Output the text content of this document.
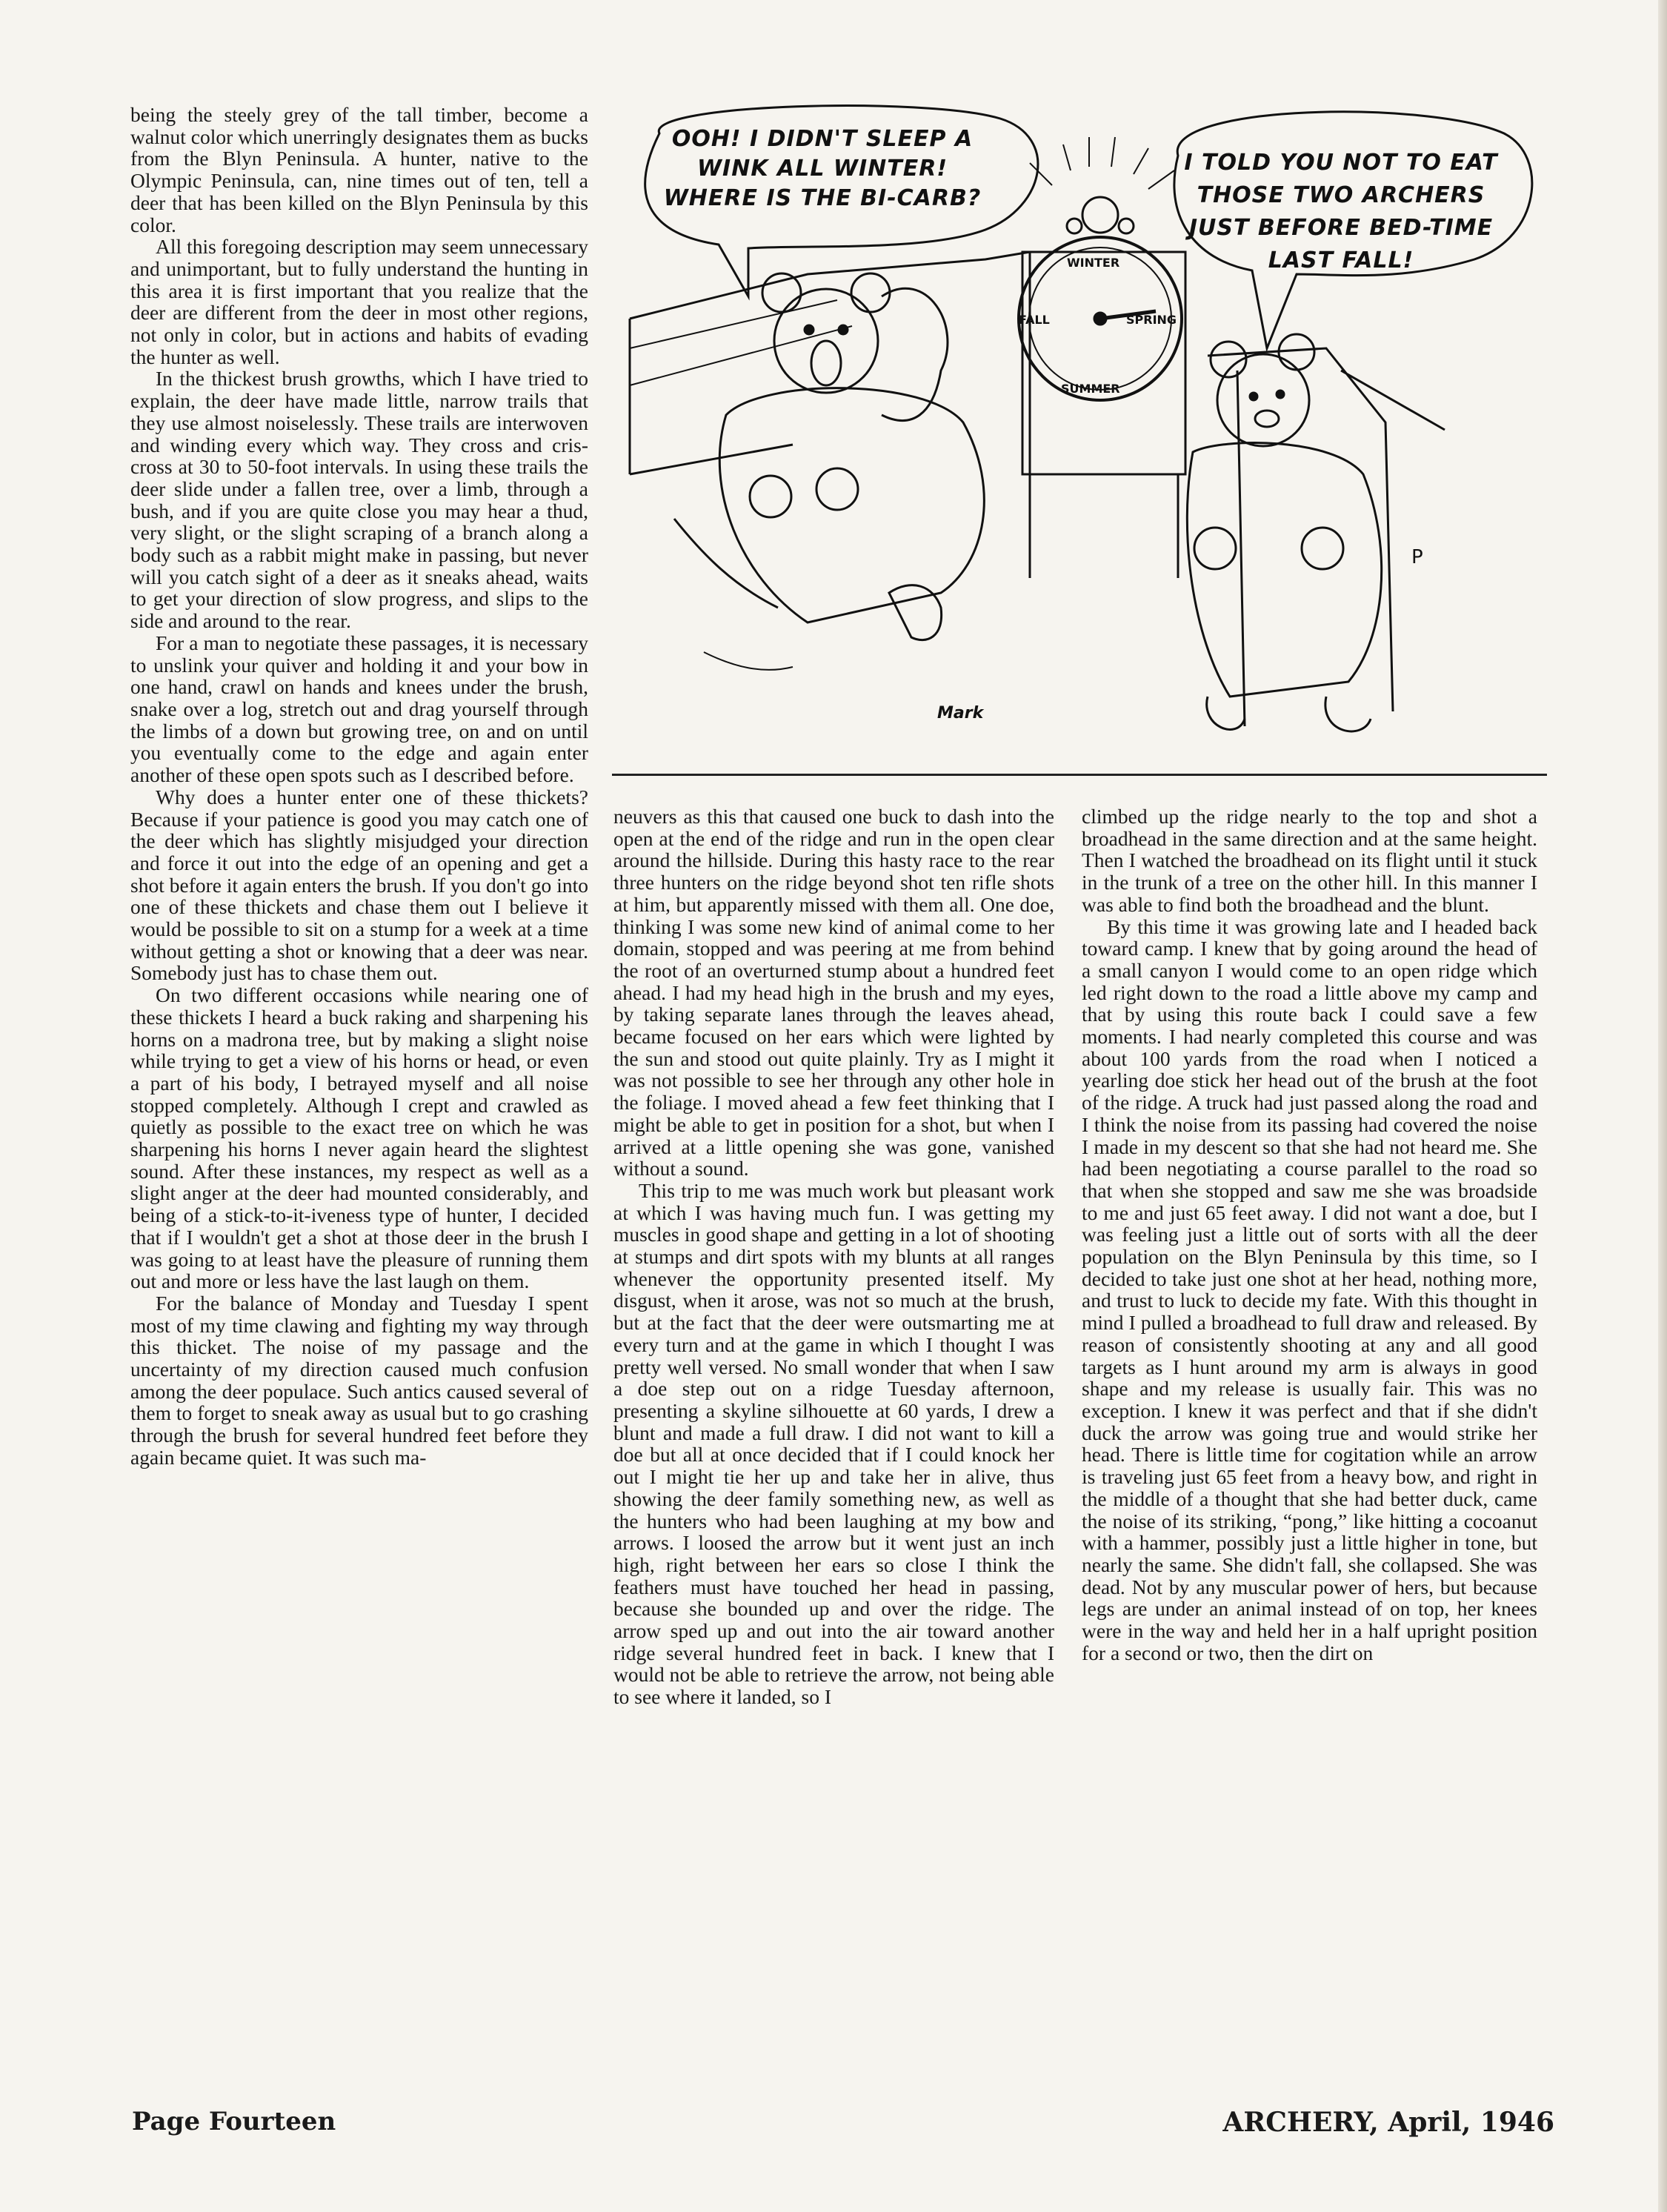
being the steely grey of the tall timber, become a walnut color which unerringly designates them as bucks from the Blyn Peninsula. A hunter, native to the Olympic Peninsula, can, nine times out of ten, tell a deer that has been killed on the Blyn Peninsula by this color.

All this foregoing description may seem unnecessary and unimportant, but to fully understand the hunting in this area it is first important that you realize that the deer are different from the deer in most other regions, not only in color, but in actions and habits of evading the hunter as well.

In the thickest brush growths, which I have tried to explain, the deer have made little, narrow trails that they use almost noiselessly. These trails are interwoven and winding every which way. They cross and cris-cross at 30 to 50-foot intervals. In using these trails the deer slide under a fallen tree, over a limb, through a bush, and if you are quite close you may hear a thud, very slight, or the slight scraping of a branch along a body such as a rabbit might make in passing, but never will you catch sight of a deer as it sneaks ahead, waits to get your direction of slow progress, and slips to the side and around to the rear.

For a man to negotiate these passages, it is necessary to unslink your quiver and holding it and your bow in one hand, crawl on hands and knees under the brush, snake over a log, stretch out and drag yourself through the limbs of a down but growing tree, on and on until you eventually come to the edge and again enter another of these open spots such as I described before.

Why does a hunter enter one of these thickets? Because if your patience is good you may catch one of the deer which has slightly misjudged your direction and force it out into the edge of an opening and get a shot before it again enters the brush. If you don't go into one of these thickets and chase them out I believe it would be possible to sit on a stump for a week at a time without getting a shot or knowing that a deer was near. Somebody just has to chase them out.

On two different occasions while nearing one of these thickets I heard a buck raking and sharpening his horns on a madrona tree, but by making a slight noise while trying to get a view of his horns or head, or even a part of his body, I betrayed myself and all noise stopped completely. Although I crept and crawled as quietly as possible to the exact tree on which he was sharpening his horns I never again heard the slightest sound. After these instances, my respect as well as a slight anger at the deer had mounted considerably, and being of a stick-to-it-iveness type of hunter, I decided that if I wouldn't get a shot at those deer in the brush I was going to at least have the pleasure of running them out and more or less have the last laugh on them.

For the balance of Monday and Tuesday I spent most of my time clawing and fighting my way through this thicket. The noise of my passage and the uncertainty of my direction caused much confusion among the deer populace. Such antics caused several of them to forget to sneak away as usual but to go crashing through the brush for several hundred feet before they again became quiet. It was such ma-

P
OOH! I DIDN'T SLEEP A WINK ALL WINTER! WHERE IS THE BI-CARB?
I TOLD YOU NOT TO EAT THOSE TWO ARCHERS JUST BEFORE BED-TIME LAST FALL!
WINTER
FALL	SPRING
SUMMER
Mark

neuvers as this that caused one buck to dash into the open at the end of the ridge and run in the open clear around the hillside. During this hasty race to the rear three hunters on the ridge beyond shot ten rifle shots at him, but apparently missed with them all. One doe, thinking I was some new kind of animal come to her domain, stopped and was peering at me from behind the root of an overturned stump about a hundred feet ahead. I had my head high in the brush and my eyes, by taking separate lanes through the leaves ahead, became focused on her ears which were lighted by the sun and stood out quite plainly. Try as I might it was not possible to see her through any other hole in the foliage. I moved ahead a few feet thinking that I might be able to get in position for a shot, but when I arrived at a little opening she was gone, vanished without a sound.

This trip to me was much work but pleasant work at which I was having much fun. I was getting my muscles in good shape and getting in a lot of shooting at stumps and dirt spots with my blunts at all ranges whenever the opportunity presented itself. My disgust, when it arose, was not so much at the brush, but at the fact that the deer were outsmarting me at every turn and at the game in which I thought I was pretty well versed. No small wonder that when I saw a doe step out on a ridge Tuesday afternoon, presenting a skyline silhouette at 60 yards, I drew a blunt and made a full draw. I did not want to kill a doe but all at once decided that if I could knock her out I might tie her up and take her in alive, thus showing the deer family something new, as well as the hunters who had been laughing at my bow and arrows. I loosed the arrow but it went just an inch high, right between her ears so close I think the feathers must have touched her head in passing, because she bounded up and over the ridge. The arrow sped up and out into the air toward another ridge several hundred feet in back. I knew that I would not be able to retrieve the arrow, not being able to see where it landed, so I

climbed up the ridge nearly to the top and shot a broadhead in the same direction and at the same height. Then I watched the broadhead on its flight until it stuck in the trunk of a tree on the other hill. In this manner I was able to find both the broadhead and the blunt.

By this time it was growing late and I headed back toward camp. I knew that by going around the head of a small canyon I would come to an open ridge which led right down to the road a little above my camp and that by using this route back I could save a few moments. I had nearly completed this course and was about 100 yards from the road when I noticed a yearling doe stick her head out of the brush at the foot of the ridge. A truck had just passed along the road and I think the noise from its passing had covered the noise I made in my descent so that she had not heard me. She had been negotiating a course parallel to the road so that when she stopped and saw me she was broadside to me and just 65 feet away. I did not want a doe, but I was feeling just a little out of sorts with all the deer population on the Blyn Peninsula by this time, so I decided to take just one shot at her head, nothing more, and trust to luck to decide my fate. With this thought in mind I pulled a broadhead to full draw and released. By reason of consistently shooting at any and all good targets as I hunt around my arm is always in good shape and my release is usually fair. This was no exception. I knew it was perfect and that if she didn't duck the arrow was going true and would strike her head. There is little time for cogitation while an arrow is traveling just 65 feet from a heavy bow, and right in the middle of a thought that she had better duck, came the noise of its striking, “pong,” like hitting a cocoanut with a hammer, possibly just a little higher in tone, but nearly the same. She didn't fall, she collapsed. She was dead. Not by any muscular power of hers, but because legs are under an animal instead of on top, her knees were in the way and held her in a half upright position for a second or two, then the dirt on

Page Fourteen	ARCHERY, April, 1946
